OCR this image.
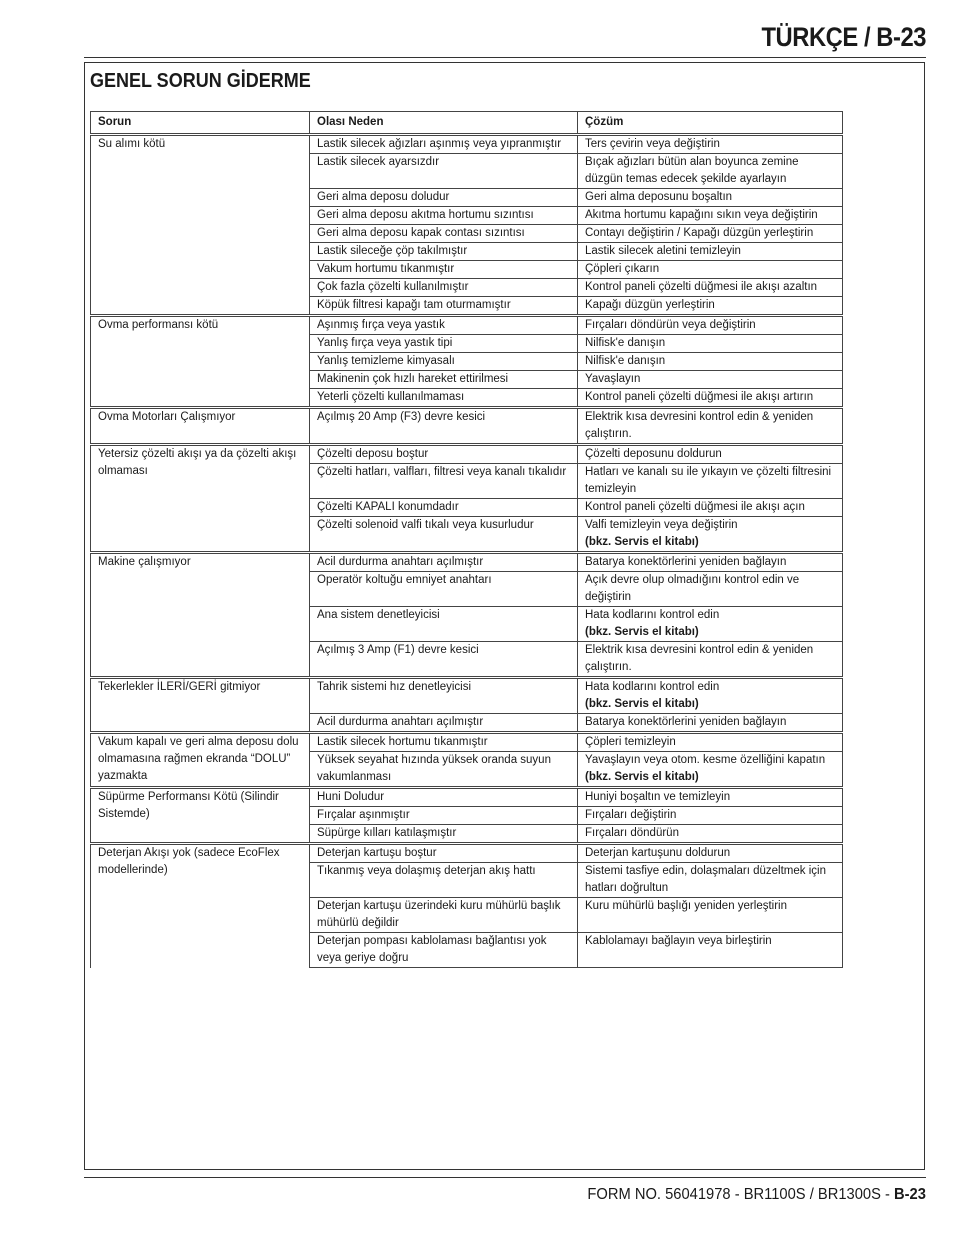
TÜRKÇE / B-23
GENEL SORUN GİDERME
Sorun	Olası Neden	Çözüm
Su alımı kötü	Lastik silecek ağızları aşınmış veya yıpranmıştır	Ters çevirin veya değiştirin

	Lastik silecek ayarsızdır	Bıçak ağızları bütün alan boyunca zemine düzgün temas edecek şekilde ayarlayın

	Geri alma deposu doludur	Geri alma deposunu boşaltın

	Geri alma deposu akıtma hortumu sızıntısı	Akıtma hortumu kapağını sıkın veya değiştirin

	Geri alma deposu kapak contası sızıntısı	Contayı değiştirin / Kapağı düzgün yerleştirin

	Lastik sileceğe çöp takılmıştır	Lastik silecek aletini temizleyin

	Vakum hortumu tıkanmıştır	Çöpleri çıkarın

	Çok fazla çözelti kullanılmıştır	Kontrol paneli çözelti düğmesi ile akışı azaltın

	Köpük filtresi kapağı tam oturmamıştır	Kapağı düzgün yerleştirin

Ovma performansı kötü	Aşınmış fırça veya yastık	Fırçaları döndürün veya değiştirin

	Yanlış fırça veya yastık tipi	Nilfisk'e danışın

	Yanlış temizleme kimyasalı	Nilfisk'e danışın

	Makinenin çok hızlı hareket ettirilmesi	Yavaşlayın

	Yeterli çözelti kullanılmaması	Kontrol paneli çözelti düğmesi ile akışı artırın

Ovma Motorları Çalışmıyor	Açılmış 20 Amp (F3) devre kesici	Elektrik kısa devresini kontrol edin & yeniden çalıştırın.

Yetersiz çözelti akışı ya da çözelti akışı olmaması	Çözelti deposu boştur	Çözelti deposunu doldurun

	Çözelti hatları, valfları, filtresi veya kanalı tıkalıdır	Hatları ve kanalı su ile yıkayın ve çözelti filtresini temizleyin

	Çözelti KAPALI konumdadır	Kontrol paneli çözelti düğmesi ile akışı açın

	Çözelti solenoid valfi tıkalı veya kusurludur	Valfi temizleyin veya değiştirin
(bkz. Servis el kitabı)

Makine çalışmıyor	Acil durdurma anahtarı açılmıştır	Batarya konektörlerini yeniden bağlayın

	Operatör koltuğu emniyet anahtarı	Açık devre olup olmadığını kontrol edin ve değiştirin

	Ana sistem denetleyicisi	Hata kodlarını kontrol edin
(bkz. Servis el kitabı)

	Açılmış 3 Amp (F1) devre kesici	Elektrik kısa devresini kontrol edin & yeniden çalıştırın.

Tekerlekler İLERİ/GERİ gitmiyor	Tahrik sistemi hız denetleyicisi	Hata kodlarını kontrol edin
(bkz. Servis el kitabı)

	Acil durdurma anahtarı açılmıştır	Batarya konektörlerini yeniden bağlayın

Vakum kapalı ve geri alma deposu dolu olmamasına rağmen ekranda “DOLU” yazmakta	Lastik silecek hortumu tıkanmıştır	Çöpleri temizleyin

	Yüksek seyahat hızında yüksek oranda suyun vakumlanması	Yavaşlayın veya otom. kesme özelliğini kapatın
(bkz. Servis el kitabı)

Süpürme Performansı Kötü (Silindir Sistemde)	Huni Doludur	Huniyi boşaltın ve temizleyin

	Fırçalar aşınmıştır	Fırçaları değiştirin

	Süpürge kılları katılaşmıştır	Fırçaları döndürün

Deterjan Akışı yok (sadece EcoFlex modellerinde)	Deterjan kartuşu boştur	Deterjan kartuşunu doldurun

	Tıkanmış veya dolaşmış deterjan akış hattı	Sistemi tasfiye edin, dolaşmaları düzeltmek için hatları doğrultun

	Deterjan kartuşu üzerindeki kuru mühürlü başlık mühürlü değildir	Kuru mühürlü başlığı yeniden yerleştirin

	Deterjan pompası kablolaması bağlantısı yok veya geriye doğru	Kablolamayı bağlayın veya birleştirin
FORM NO. 56041978 - BR1100S / BR1300S - B-23
